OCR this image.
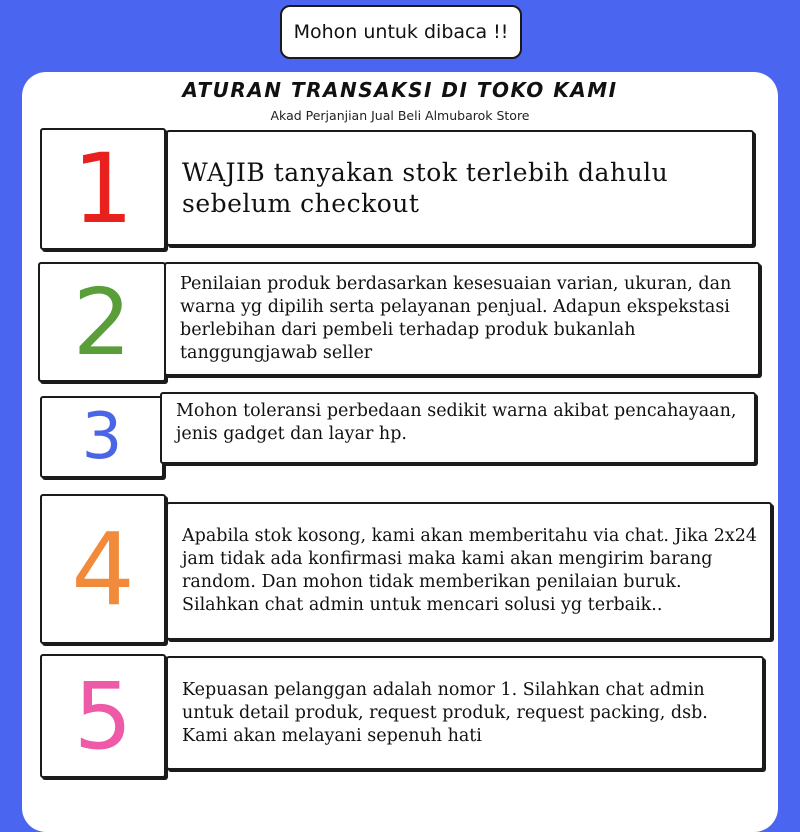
Mohon untuk dibaca !!
ATURAN TRANSAKSI DI TOKO KAMI
Akad Perjanjian Jual Beli Almubarok Store
1 WAJIB tanyakan stok terlebih dahulu sebelum checkout
2	Penilaian produk berdasarkan kesesuaian varian, ukuran, dan warna yg dipilih serta pelayanan penjual. Adapun ekspekstasi berlebihan dari pembeli terhadap produk bukanlah tanggungjawab seller
3	Mohon toleransi perbedaan sedikit warna akibat pencahayaan, jenis gadget dan layar hp.
4	Apabila stok kosong, kami akan memberitahu via chat. Jika 2x24 jam tidak ada konfirmasi maka kami akan mengirim barang random. Dan mohon tidak memberikan penilaian buruk. Silahkan chat admin untuk mencari solusi yg terbaik..
5	Kepuasan pelanggan adalah nomor 1. Silahkan chat admin untuk detail produk, request produk, request packing, dsb. Kami akan melayani sepenuh hati
